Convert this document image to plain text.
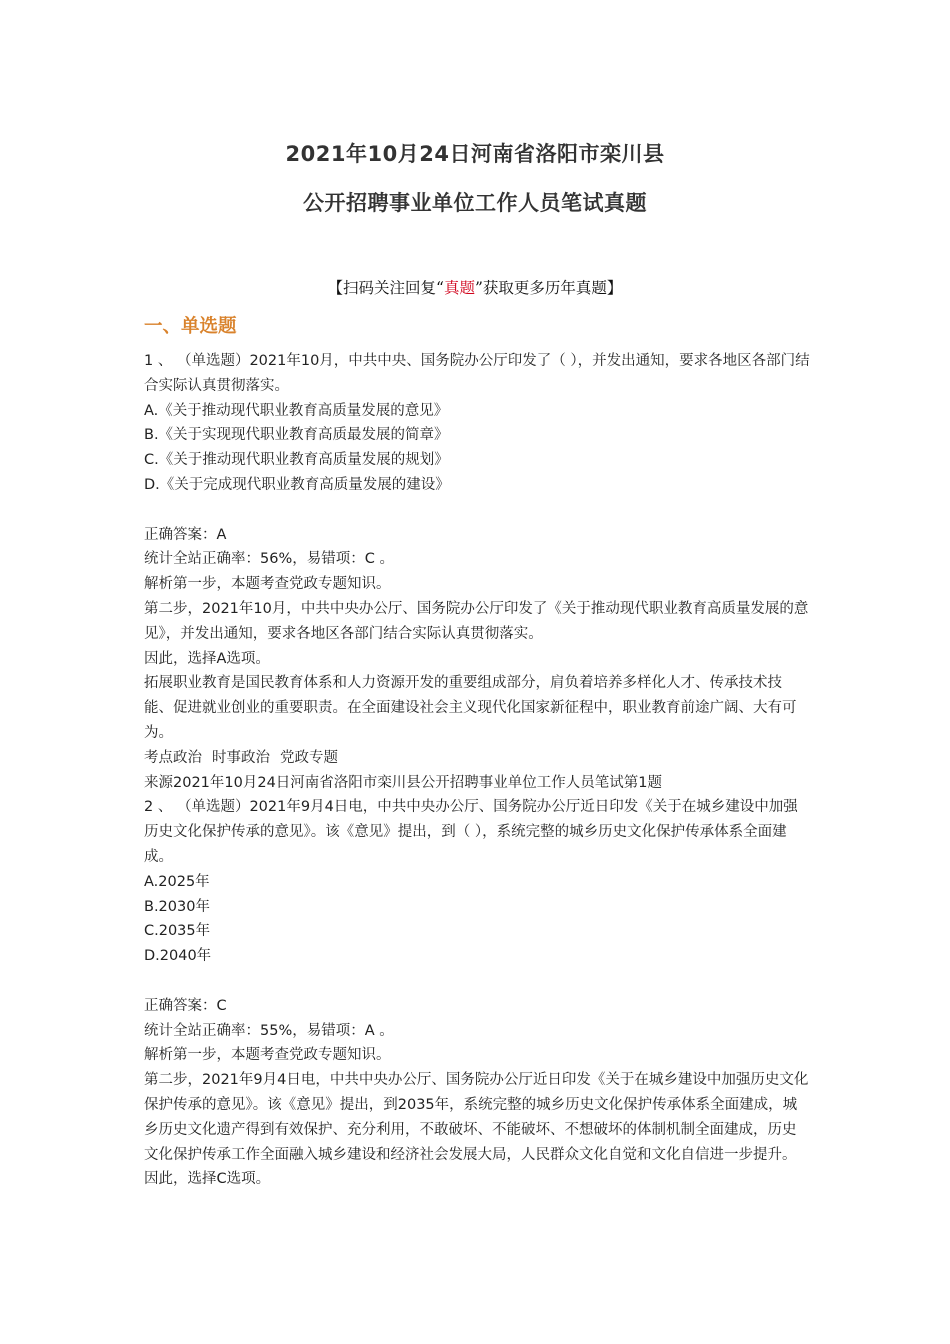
2021年10月24日河南省洛阳市栾川县
公开招聘事业单位工作人员笔试真题
【扫码关注回复“真题”获取更多历年真题】
一、单选题

1 、 （单选题）2021年10月，中共中央、国务院办公厅印发了（ ），并发出通知，要求各地区各部门结合实际认真贯彻落实。

A.《关于推动现代职业教育高质量发展的意见》

B.《关于实现现代职业教育高质最发展的简章》

C.《关于推动现代职业教育高质量发展的规划》

D.《关于完成现代职业教育高质量发展的建设》

正确答案：A

统计全站正确率：56%，易错项：C 。

解析第一步，本题考查党政专题知识。

第二步，2021年10月，中共中央办公厅、国务院办公厅印发了《关于推动现代职业教育高质量发展的意见》，并发出通知，要求各地区各部门结合实际认真贯彻落实。

因此，选择A选项。

拓展职业教育是国民教育体系和人力资源开发的重要组成部分，肩负着培养多样化人才、传承技术技能、促进就业创业的重要职责。在全面建设社会主义现代化国家新征程中，职业教育前途广阔、大有可为。

考点政治 时事政治 党政专题

来源2021年10月24日河南省洛阳市栾川县公开招聘事业单位工作人员笔试第1题

2 、 （单选题）2021年9月4日电，中共中央办公厅、国务院办公厅近日印发《关于在城乡建设中加强历史文化保护传承的意见》。该《意见》提出，到（ ），系统完整的城乡历史文化保护传承体系全面建成。

A.2025年

B.2030年

C.2035年

D.2040年

正确答案：C

统计全站正确率：55%，易错项：A 。

解析第一步，本题考查党政专题知识。

第二步，2021年9月4日电，中共中央办公厅、国务院办公厅近日印发《关于在城乡建设中加强历史文化保护传承的意见》。该《意见》提出，到2035年，系统完整的城乡历史文化保护传承体系全面建成，城乡历史文化遗产得到有效保护、充分利用，不敢破坏、不能破坏、不想破坏的体制机制全面建成，历史文化保护传承工作全面融入城乡建设和经济社会发展大局，人民群众文化自觉和文化自信进一步提升。

因此，选择C选项。
